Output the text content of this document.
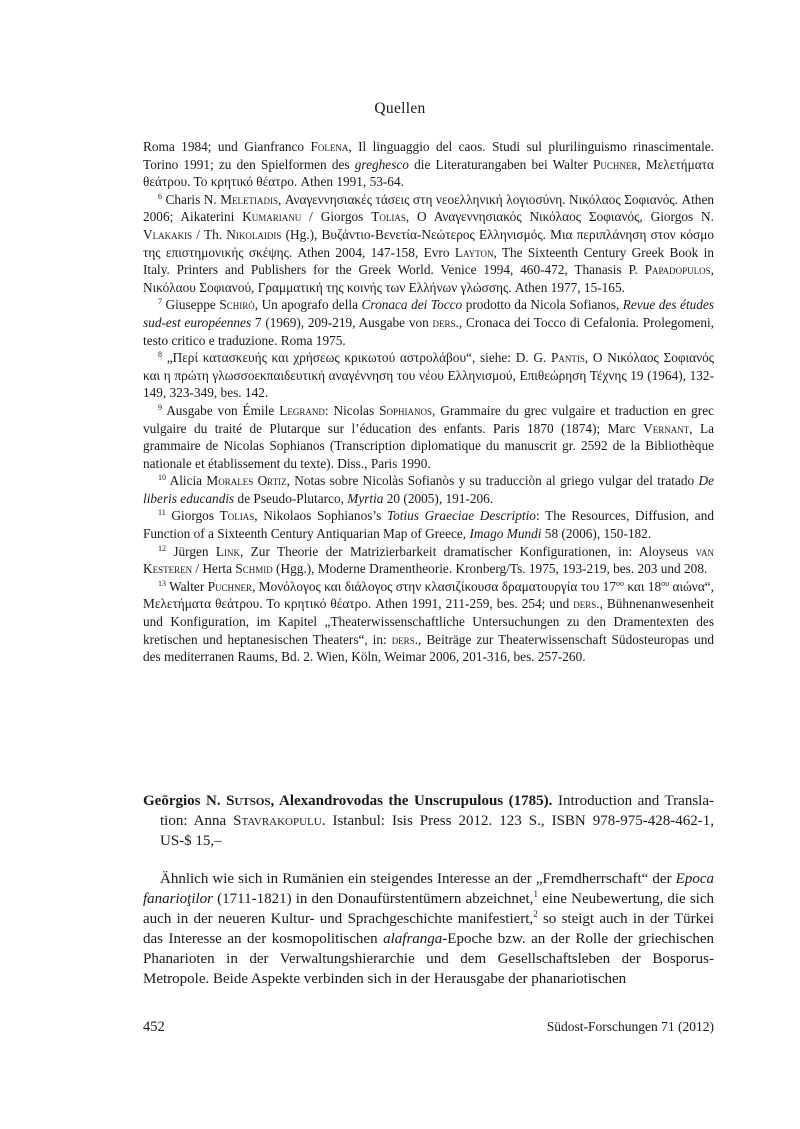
Quellen

Roma 1984; und Gianfranco Folena, Il linguaggio del caos. Studi sul plurilinguismo rinascimentale. Torino 1991; zu den Spielformen des greghesco die Literaturangaben bei Walter Puchner, Μελετήματα θεάτρου. Το κρητικό θέατρο. Athen 1991, 53-64.

$^6$ Charis N. Meletiadis, Αναγεννησιακές τάσεις στη νεοελληνική λογιοσύνη. Νικόλαος Σοφιανός. Athen 2006; Aikaterini Kumarianu / Giorgos Tolias, Ο Αναγεννησιακός Νικόλαος Σοφιανός, Giorgos N. Vlakakis / Th. Nikolaidis (Hg.), Βυζάντιο-Βενετία-Νεώτερος Ελληνισμός. Μια περιπλάνηση στον κόσμο της επιστημονικής σκέψης. Athen 2004, 147-158, Evro Layton, The Sixteenth Century Greek Book in Italy. Printers and Publishers for the Greek World. Venice 1994, 460-472, Thanasis P. Papadopulos, Νικόλαου Σοφιανού, Γραμματική της κοινής των Ελλήνων γλώσσης. Athen 1977, 15-165.

$^7$ Giuseppe Schirò, Un apografo della Cronaca dei Tocco prodotto da Nicola Sofianos, Revue des études sud-est européennes 7 (1969), 209-219, Ausgabe von ders., Cronaca dei Tocco di Cefalonia. Prolegomeni, testo critico e traduzione. Roma 1975.

$^8$ „Περί κατασκευής και χρήσεως κρικωτού αστρολάβου“, siehe: D. G. Pantis, Ο Νικόλαος Σοφιανός και η πρώτη γλωσσοεκπαιδευτική αναγέννηση του νέου Ελληνισμού, Επιθεώρηση Τέχνης 19 (1964), 132-149, 323-349, bes. 142.

$^9$ Ausgabe von Émile Legrand: Nicolas Sophianos, Grammaire du grec vulgaire et traduction en grec vulgaire du traité de Plutarque sur l’éducation des enfants. Paris 1870 (1874); Marc Vernant, La grammaire de Nicolas Sophianos (Transcription diplomatique du manuscrit gr. 2592 de la Bibliothèque nationale et établissement du texte). Diss., Paris 1990.

$^{10}$ Alicia Morales Ortiz, Notas sobre Nicolàs Sofianòs y su traducciòn al griego vulgar del tratado De liberis educandis de Pseudo-Plutarco, Myrtia 20 (2005), 191-206.

$^{11}$ Giorgos Tolias, Nikolaos Sophianos’s Totius Graeciae Descriptio: The Resources, Diffusion, and Function of a Sixteenth Century Antiquarian Map of Greece, Imago Mundi 58 (2006), 150-182.

$^{12}$ Jürgen Link, Zur Theorie der Matrizierbarkeit dramatischer Konfigurationen, in: Aloyseus van Kesteren / Herta Schmid (Hgg.), Moderne Dramentheorie. Kronberg/Ts. 1975, 193-219, bes. 203 und 208.

$^{13}$ Walter Puchner, Μονόλογος και διάλογος στην κλασιζίκουσα δραματουργία του $17^{o\upsilon}$ και $18^{o\upsilon}$ αιώνα“, Μελετήματα θεάτρου. Το κρητικό θέατρο. Athen 1991, 211-259, bes. 254; und ders., Bühnenanwesenheit und Konfiguration, im Kapitel „Theaterwissenschaftliche Untersuchungen zu den Dramentexten des kretischen und heptanesischen Theaters“, in: ders., Beiträge zur Theaterwissenschaft Südosteuropas und des mediterranen Raums, Bd. 2. Wien, Köln, Weimar 2006, 201-316, bes. 257-260.

Geōrgios N. Sutsos, Alexandrovodas the Unscrupulous (1785). Introduction and Translation: Anna Stavrakopulu. Istanbul: Isis Press 2012. 123 S., ISBN 978-975-428-462-1, US-$ 15,–

Ähnlich wie sich in Rumänien ein steigendes Interesse an der „Fremdherrschaft“ der Epoca fanarioţilor (1711-1821) in den Donaufürstentümern abzeichnet,$^1$ eine Neubewertung, die sich auch in der neueren Kultur- und Sprachgeschichte manifestiert,$^2$ so steigt auch in der Türkei das Interesse an der kosmopolitischen alafranga-Epoche bzw. an der Rolle der griechischen Phanarioten in der Verwaltungshierarchie und dem Gesellschaftsleben der Bosporus-Metropole. Beide Aspekte verbinden sich in der Herausgabe der phanariotischen

452	Südost-Forschungen 71 (2012)
